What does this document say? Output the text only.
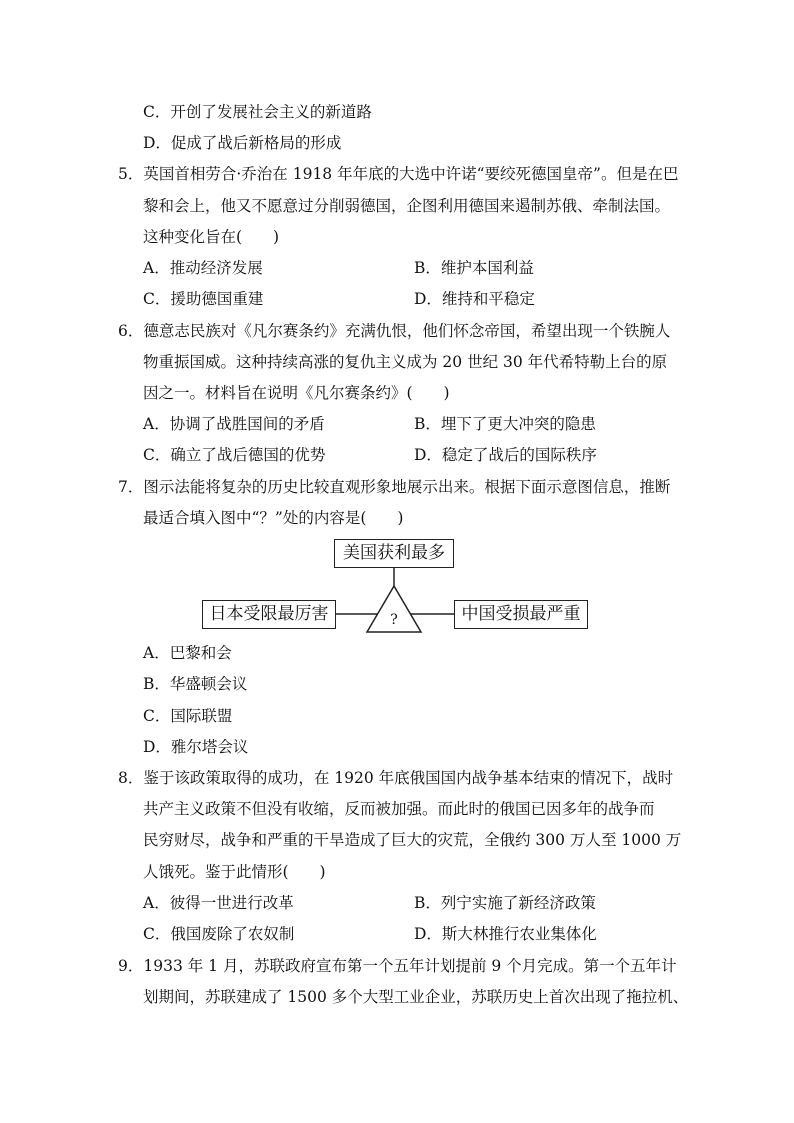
C．开创了发展社会主义的新道路
D．促成了战后新格局的形成
5．英国首相劳合·乔治在 1918 年年底的大选中许诺“要绞死德国皇帝”。但是在巴
黎和会上，他又不愿意过分削弱德国，企图利用德国来遏制苏俄、牵制法国。
这种变化旨在(　　)
A．推动经济发展	B．维护本国利益
C．援助德国重建	D．维持和平稳定
6．德意志民族对《凡尔赛条约》充满仇恨，他们怀念帝国，希望出现一个铁腕人
物重振国威。这种持续高涨的复仇主义成为 20 世纪 30 年代希特勒上台的原
因之一。材料旨在说明《凡尔赛条约》(　　)
A．协调了战胜国间的矛盾	B．埋下了更大冲突的隐患
C．确立了战后德国的优势	D．稳定了战后的国际秩序
7．图示法能将复杂的历史比较直观形象地展示出来。根据下面示意图信息，推断
最适合填入图中“？”处的内容是(　　)
?
美国获利最多
日本受限最厉害	中国受损最严重
A．巴黎和会
B．华盛顿会议
C．国际联盟
D．雅尔塔会议
8．鉴于该政策取得的成功，在 1920 年底俄国国内战争基本结束的情况下，战时
共产主义政策不但没有收缩，反而被加强。而此时的俄国已因多年的战争而
民穷财尽，战争和严重的干旱造成了巨大的灾荒，全俄约 300 万人至 1000 万
人饿死。鉴于此情形(　　)
A．彼得一世进行改革	B．列宁实施了新经济政策
C．俄国废除了农奴制	D．斯大林推行农业集体化
9．1933 年 1 月，苏联政府宣布第一个五年计划提前 9 个月完成。第一个五年计
划期间，苏联建成了 1500 多个大型工业企业，苏联历史上首次出现了拖拉机、
